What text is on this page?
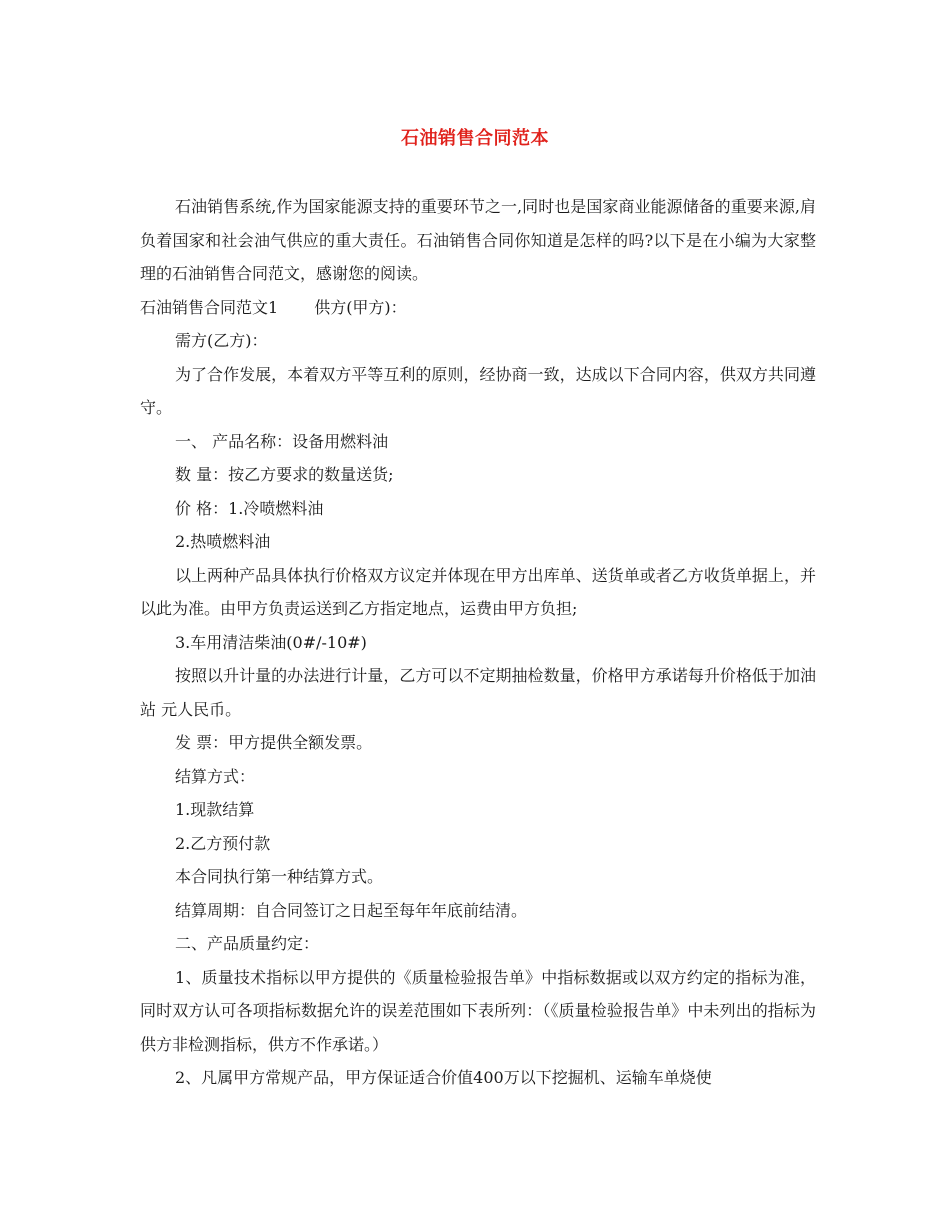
石油销售合同范本

石油销售系统,作为国家能源支持的重要环节之一,同时也是国家商业能源储备的重要来源,肩负着国家和社会油气供应的重大责任。石油销售合同你知道是怎样的吗?以下是在小编为大家整理的石油销售合同范文，感谢您的阅读。

石油销售合同范文1 供方(甲方)：

需方(乙方)：

为了合作发展，本着双方平等互利的原则，经协商一致，达成以下合同内容，供双方共同遵守。

一、 产品名称：设备用燃料油

数 量：按乙方要求的数量送货;

价 格：1.冷喷燃料油

2.热喷燃料油

以上两种产品具体执行价格双方议定并体现在甲方出库单、送货单或者乙方收货单据上，并以此为准。由甲方负责运送到乙方指定地点，运费由甲方负担;

3.车用清洁柴油(0#/-10#)

按照以升计量的办法进行计量，乙方可以不定期抽检数量，价格甲方承诺每升价格低于加油站 元人民币。

发 票：甲方提供全额发票。

结算方式：

1.现款结算

2.乙方预付款

本合同执行第一种结算方式。

结算周期：自合同签订之日起至每年年底前结清。

二、产品质量约定：

1、质量技术指标以甲方提供的《质量检验报告单》中指标数据或以双方约定的指标为准，同时双方认可各项指标数据允许的误差范围如下表所列：（《质量检验报告单》中未列出的指标为供方非检测指标，供方不作承诺。）

2、凡属甲方常规产品，甲方保证适合价值400万以下挖掘机、运输车单烧使
